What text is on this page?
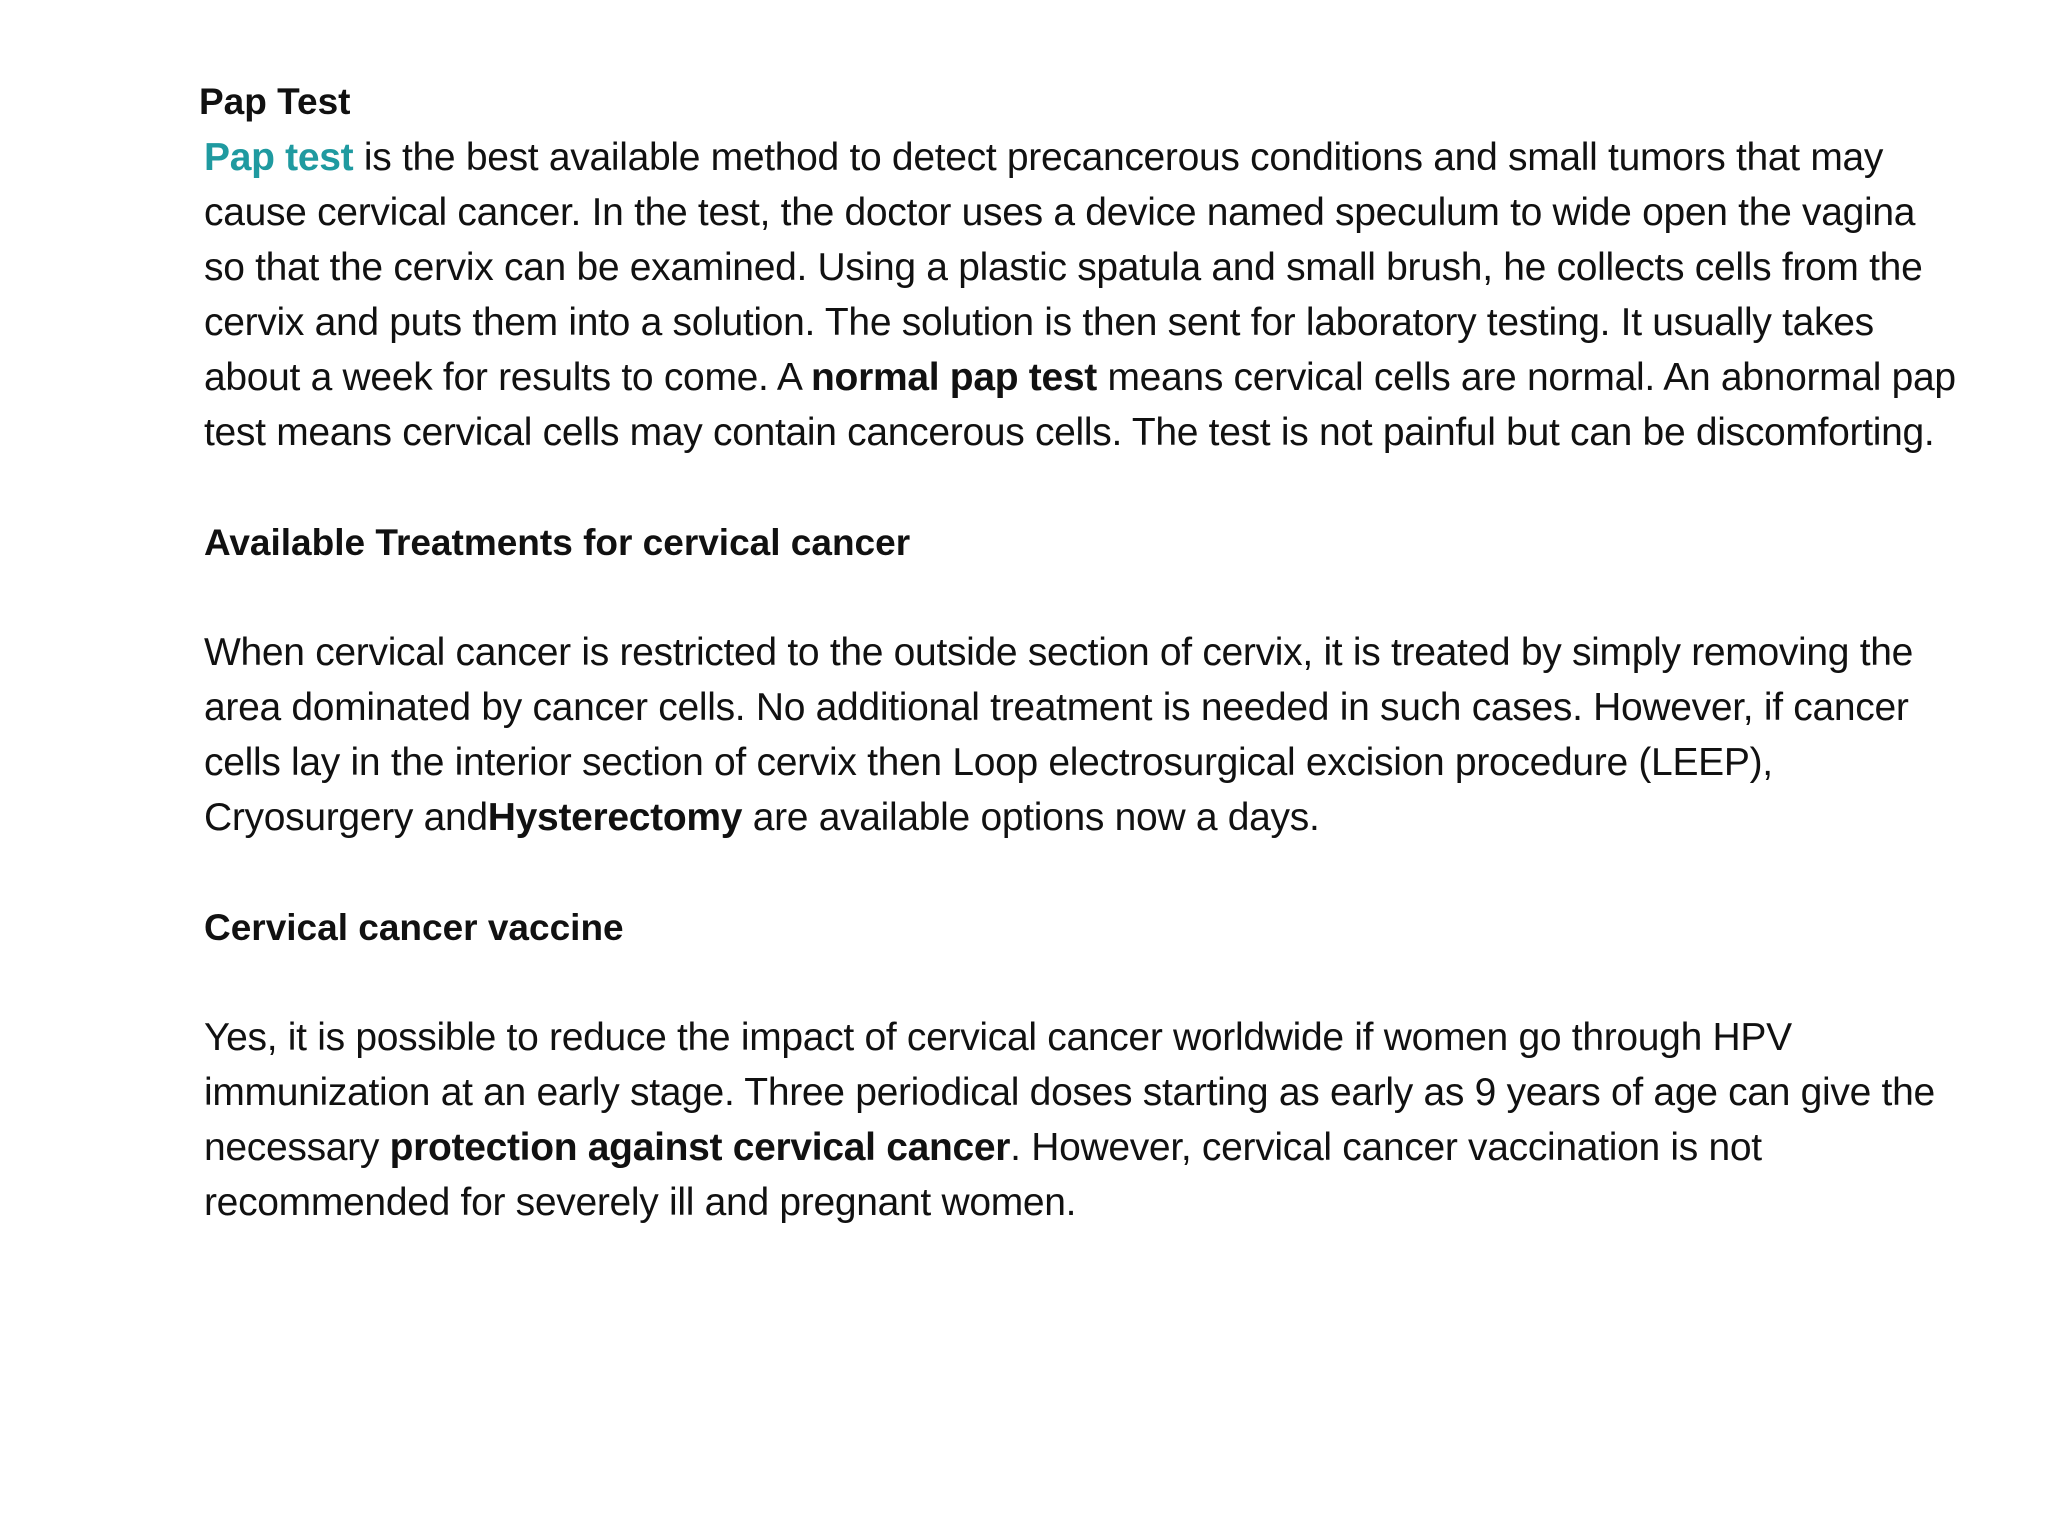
Pap Test

Pap test is the best available method to detect precancerous conditions and small tumors that may cause cervical cancer. In the test, the doctor uses a device named speculum to wide open the vagina so that the cervix can be examined. Using a plastic spatula and small brush, he collects cells from the cervix and puts them into a solution. The solution is then sent for laboratory testing. It usually takes about a week for results to come. A normal pap test means cervical cells are normal. An abnormal pap test means cervical cells may contain cancerous cells. The test is not painful but can be discomforting.

Available Treatments for cervical cancer

When cervical cancer is restricted to the outside section of cervix, it is treated by simply removing the area dominated by cancer cells. No additional treatment is needed in such cases. However, if cancer cells lay in the interior section of cervix then Loop electrosurgical excision procedure (LEEP), Cryosurgery andHysterectomy are available options now a days.

Cervical cancer vaccine

Yes, it is possible to reduce the impact of cervical cancer worldwide if women go through HPV immunization at an early stage. Three periodical doses starting as early as 9 years of age can give the necessary protection against cervical cancer. However, cervical cancer vaccination is not recommended for severely ill and pregnant women.
